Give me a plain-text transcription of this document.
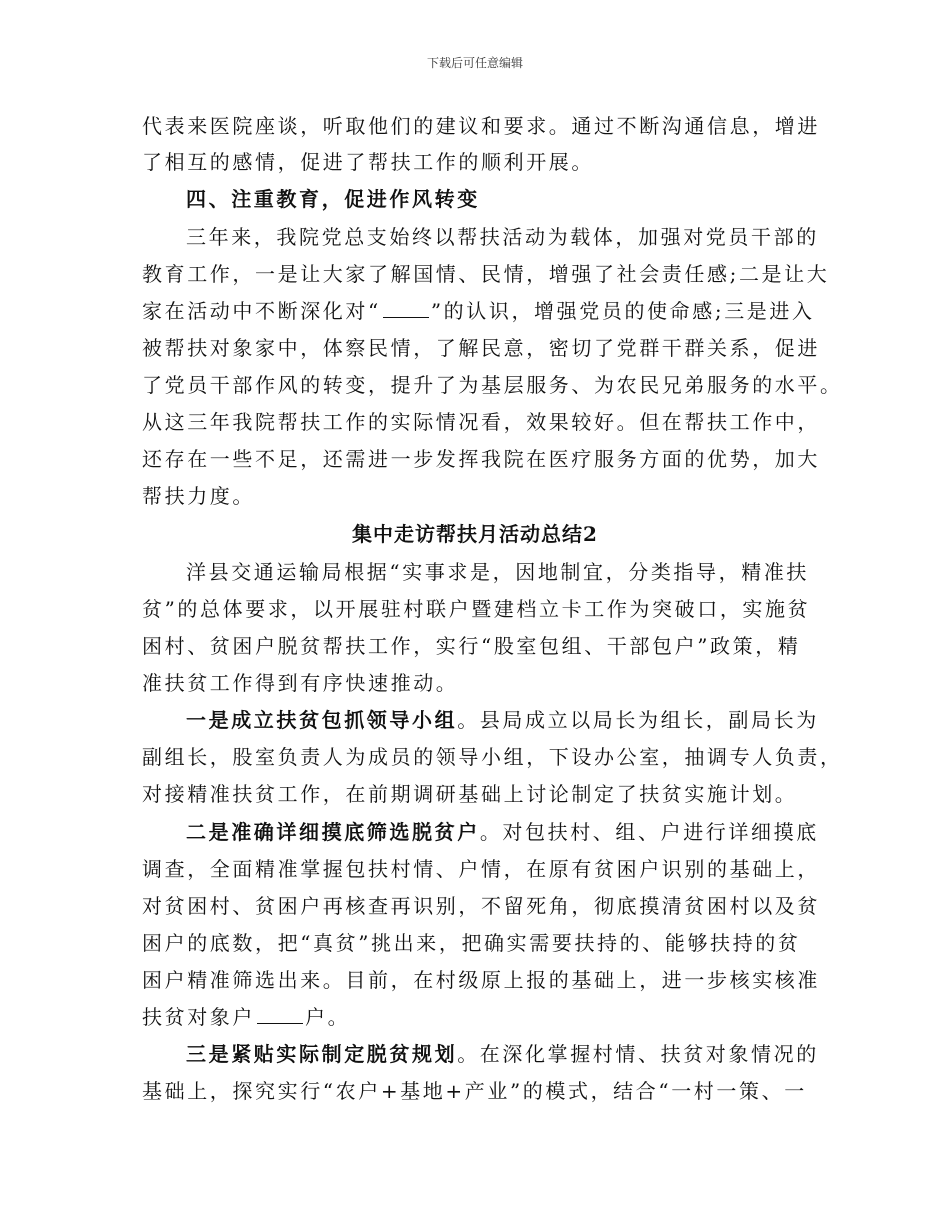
下载后可任意编辑
代表来医院座谈，听取他们的建议和要求。通过不断沟通信息，增进
了相互的感情，促进了帮扶工作的顺利开展。
四、注重教育，促进作风转变
三年来，我院党总支始终以帮扶活动为载体，加强对党员干部的
教育工作，一是让大家了解国情、民情，增强了社会责任感;二是让大
家在活动中不断深化对“	”的认识，增强党员的使命感;三是进入
被帮扶对象家中，体察民情，了解民意，密切了党群干群关系，促进
了党员干部作风的转变，提升了为基层服务、为农民兄弟服务的水平。
从这三年我院帮扶工作的实际情况看，效果较好。但在帮扶工作中，
还存在一些不足，还需进一步发挥我院在医疗服务方面的优势，加大
帮扶力度。
集中走访帮扶月活动总结2
洋县交通运输局根据“实事求是，因地制宜，分类指导，精准扶
贫”的总体要求，以开展驻村联户暨建档立卡工作为突破口，实施贫
困村、贫困户脱贫帮扶工作，实行“股室包组、干部包户”政策，精
准扶贫工作得到有序快速推动。
一是成立扶贫包抓领导小组。县局成立以局长为组长，副局长为
副组长，股室负责人为成员的领导小组，下设办公室，抽调专人负责，
对接精准扶贫工作，在前期调研基础上讨论制定了扶贫实施计划。
二是准确详细摸底筛选脱贫户。对包扶村、组、户进行详细摸底
调查，全面精准掌握包扶村情、户情，在原有贫困户识别的基础上，
对贫困村、贫困户再核查再识别，不留死角，彻底摸清贫困村以及贫
困户的底数，把“真贫”挑出来，把确实需要扶持的、能够扶持的贫
困户精准筛选出来。目前，在村级原上报的基础上，进一步核实核准
扶贫对象户	户。
三是紧贴实际制定脱贫规划。在深化掌握村情、扶贫对象情况的
基础上，探究实行“农户+基地+产业”的模式，结合“一村一策、一
